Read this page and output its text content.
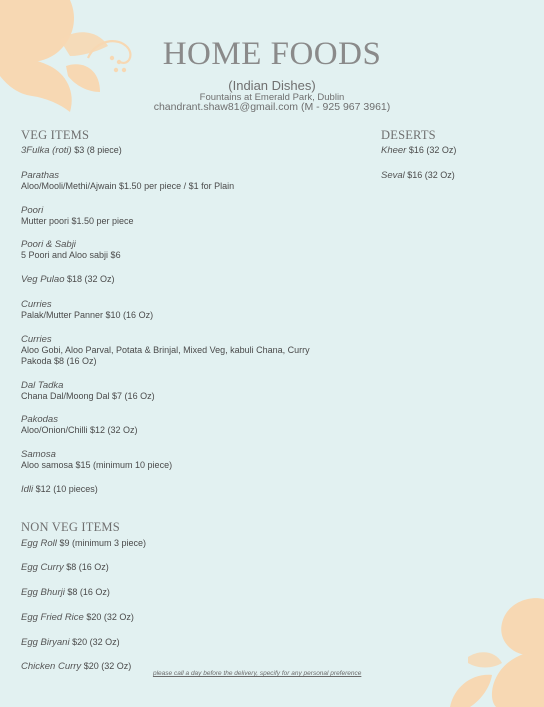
HOME FOODS
(Indian Dishes)
Fountains at Emerald Park, Dublin
chandrant.shaw81@gmail.com (M - 925 967 3961)
VEG ITEMS
3Fulka (roti) $3 (8 piece)
Parathas
Aloo/Mooli/Methi/Ajwain $1.50 per piece / $1 for Plain
Poori
Mutter poori $1.50 per piece
Poori & Sabji
5 Poori and Aloo sabji $6
Veg Pulao $18 (32 Oz)
Curries
Palak/Mutter Panner $10 (16 Oz)
Curries
Aloo Gobi, Aloo Parval, Potata & Brinjal, Mixed Veg, kabuli Chana, Curry
Pakoda $8 (16 Oz)
Dal Tadka
Chana Dal/Moong Dal $7 (16 Oz)
Pakodas
Aloo/Onion/Chilli $12 (32 Oz)
Samosa
Aloo samosa $15 (minimum 10 piece)
Idli $12 (10 pieces)
DESERTS
Kheer $16 (32 Oz)
Seval $16 (32 Oz)
NON VEG ITEMS
Egg Roll $9 (minimum 3 piece)
Egg Curry $8 (16 Oz)
Egg Bhurji $8 (16 Oz)
Egg Fried Rice $20 (32 Oz)
Egg Biryani $20 (32 Oz)
Chicken Curry $20 (32 Oz)
please call a day before the delivery, specify for any personal preference
